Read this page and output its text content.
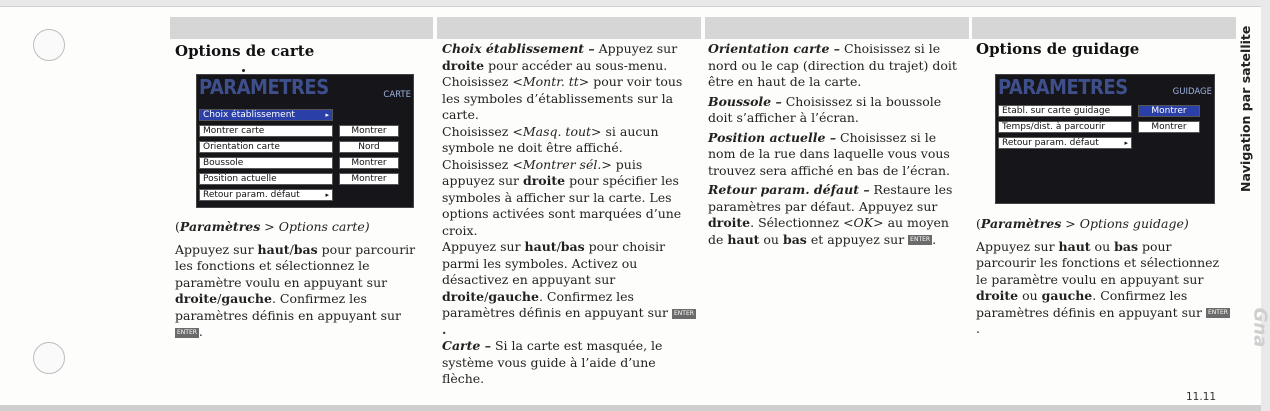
Options de carte
PARAMETRES	CARTE
Choix établissement	▸
Montrer carte	Montrer
Orientation carte	Nord
Boussole	Montrer
Position actuelle	Montrer
Retour param. défaut	▸

(Paramètres > Options carte)

Appuyez sur haut/bas pour parcourir les fonctions et sélectionnez le paramètre voulu en appuyant sur droite/gauche. Confirmez les paramètres définis en appuyant sur ENTER .

Choix établissement – Appuyez sur droite pour accéder au sous-menu.

Choisissez <Montr. tt> pour voir tous les symboles d’établissements sur la carte.

Choisissez <Masq. tout> si aucun symbole ne doit être affiché.

Choisissez <Montrer sél.> puis appuyez sur droite pour spécifier les symboles à afficher sur la carte. Les options activées sont marquées d’une croix.

Appuyez sur haut/bas pour choisir parmi les symboles. Activez ou désactivez en appuyant sur droite/gauche. Confirmez les paramètres définis en appuyant sur ENTER.

Carte – Si la carte est masquée, le système vous guide à l’aide d’une flèche.

Orientation carte – Choisissez si le nord ou le cap (direction du trajet) doit être en haut de la carte.

Boussole – Choisissez si la boussole doit s’afficher à l’écran.

Position actuelle – Choisissez si le nom de la rue dans laquelle vous vous trouvez sera affiché en bas de l’écran.

Retour param. défaut – Restaure les paramètres par défaut. Appuyez sur droite. Sélectionnez <OK> au moyen de haut ou bas et appuyez sur ENTER .

Options de guidage
PARAMETRES	GUIDAGE
Etabl. sur carte guidage	Montrer
Temps/dist. à parcourir	Montrer
Retour param. défaut	▸

(Paramètres > Options guidage)

Appuyez sur haut ou bas pour parcourir les fonctions et sélectionnez le paramètre voulu en appuyant sur droite ou gauche. Confirmez les paramètres définis en appuyant sur ENTER.

Navigation par satellite
Gna
11.11
